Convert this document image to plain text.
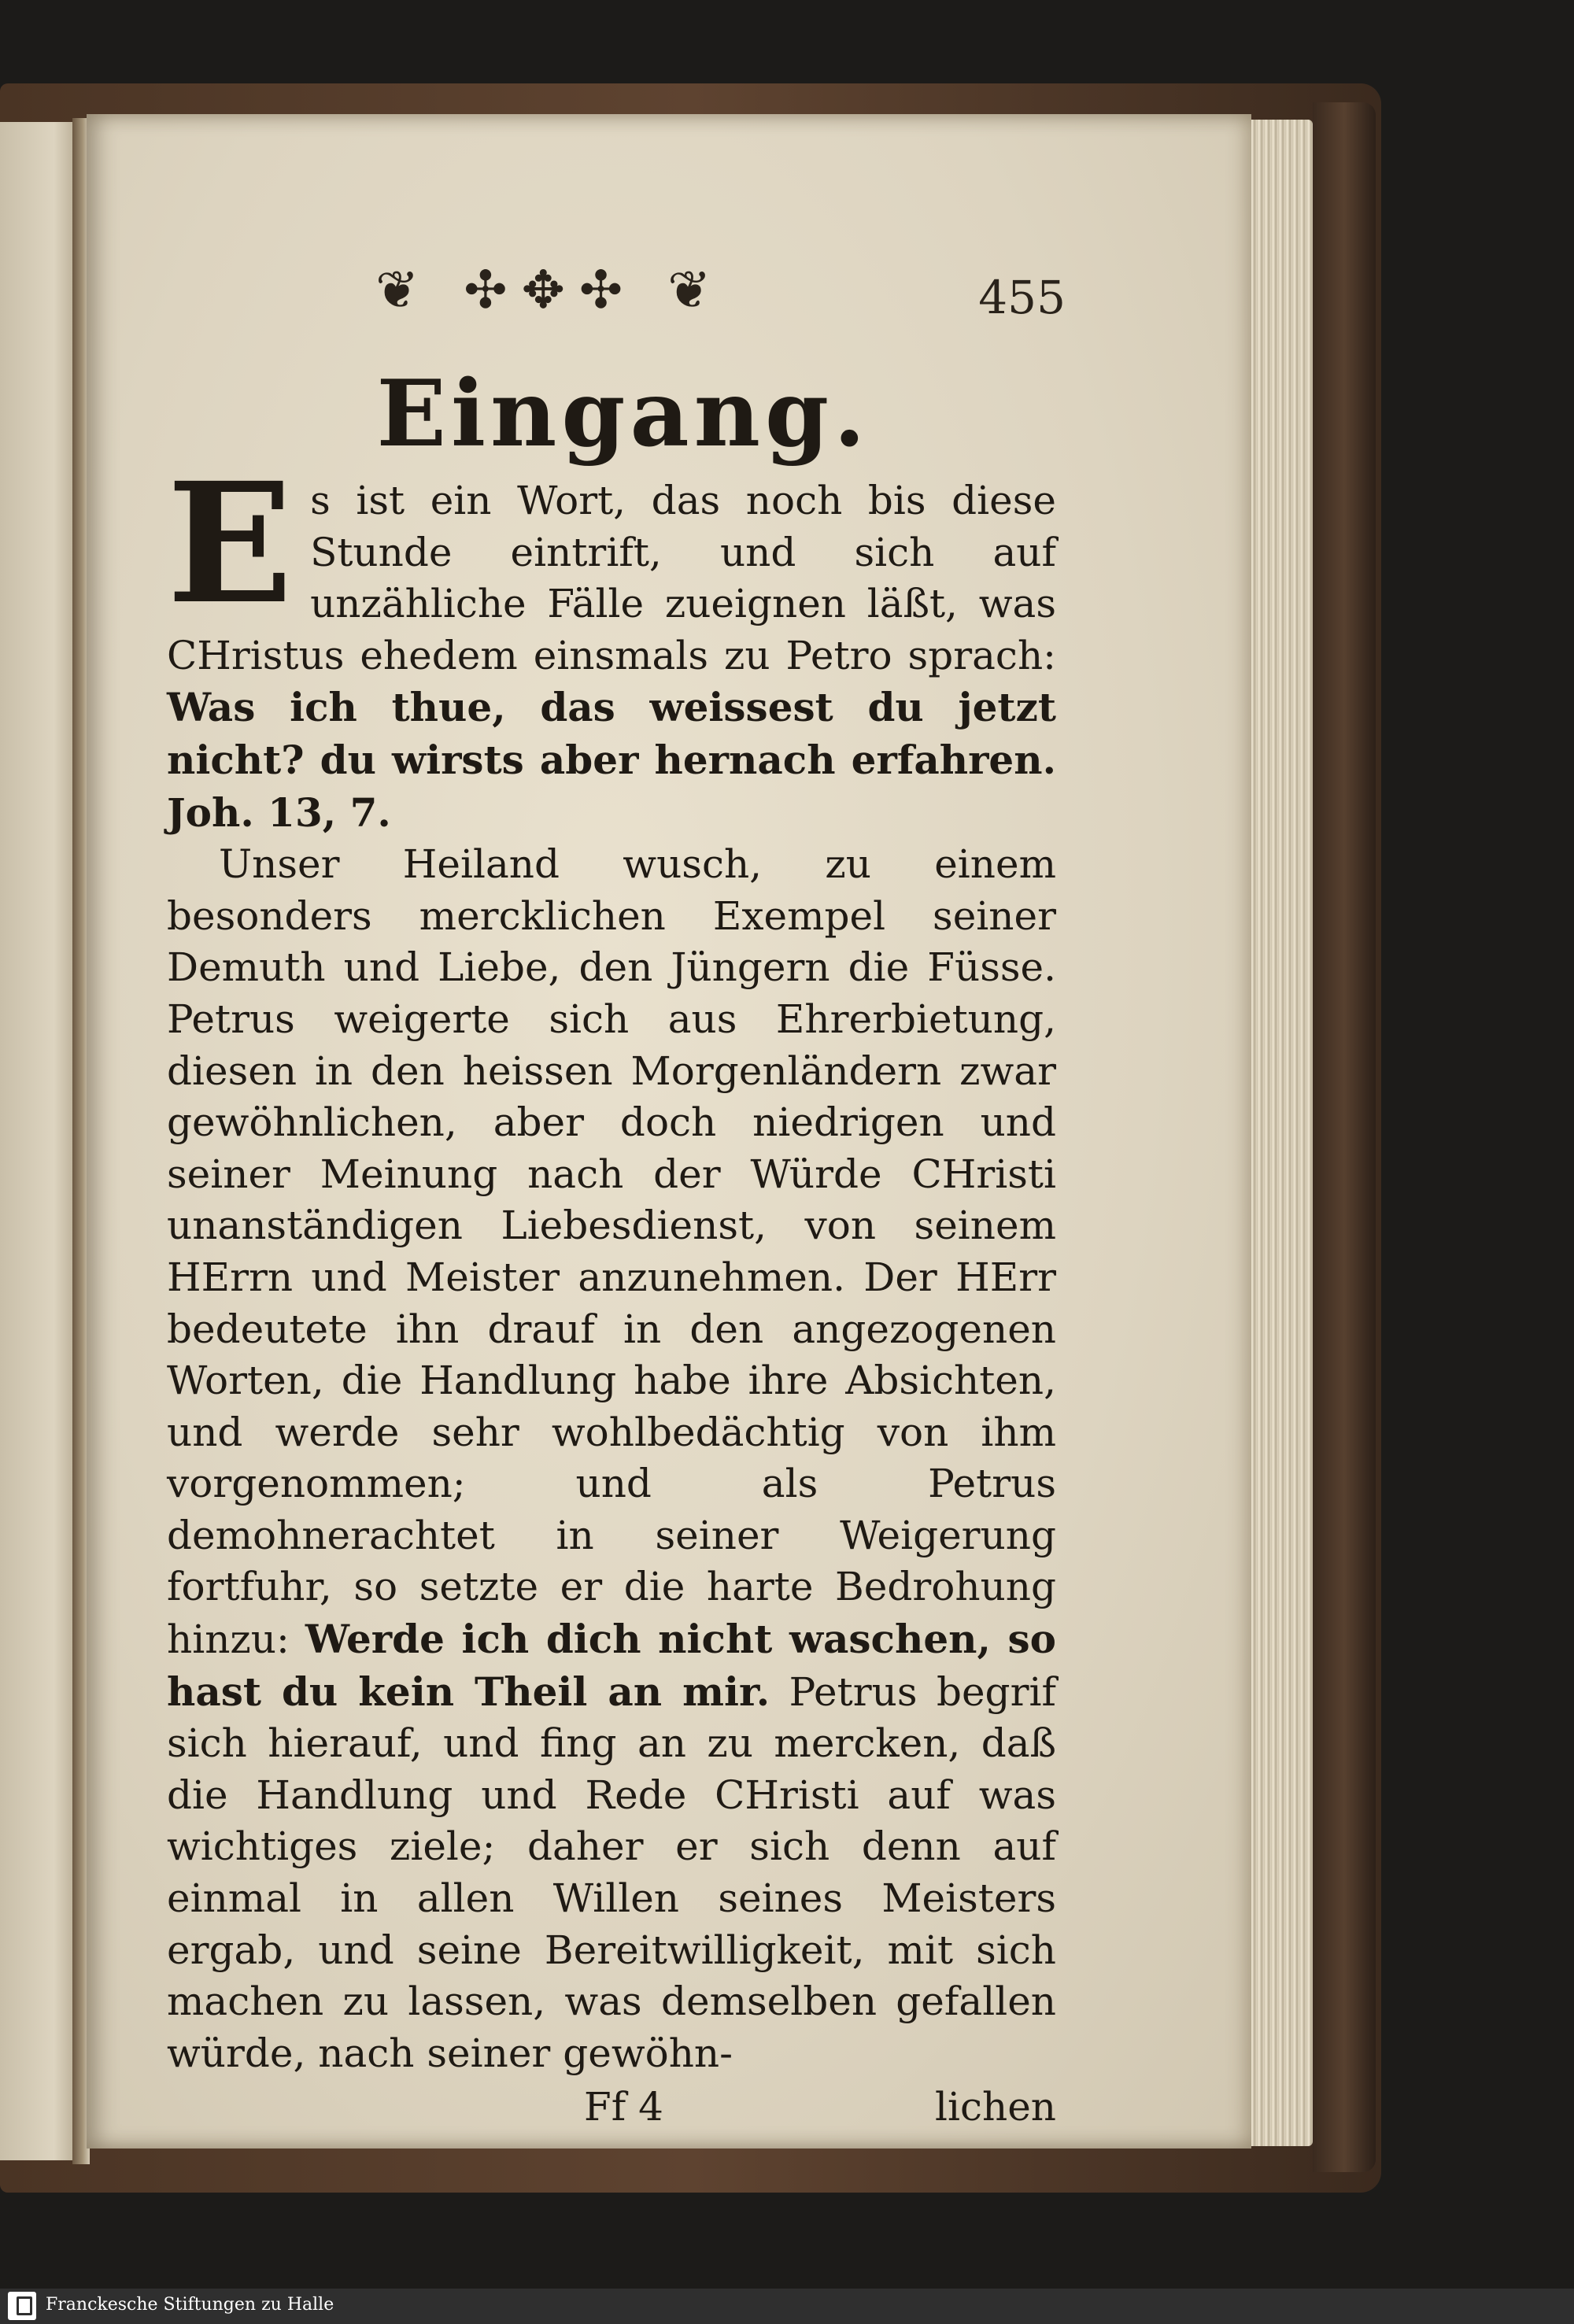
❦ ✣✥✣ ❦	455
Eingang.

Es ist ein Wort, das noch bis diese Stunde eintrift, und sich auf unzähliche Fälle zueignen läßt, was CHristus ehedem einsmals zu Petro sprach: Was ich thue, das weissest du jetzt nicht? du wirsts aber hernach erfahren. Joh. 13, 7.

Unser Heiland wusch, zu einem besonders mercklichen Exempel seiner Demuth und Liebe, den Jüngern die Füsse. Petrus weigerte sich aus Ehrerbietung, diesen in den heissen Morgenländern zwar gewöhnlichen, aber doch niedrigen und seiner Meinung nach der Würde CHristi unanständigen Liebesdienst, von seinem HErrn und Meister anzunehmen. Der HErr bedeutete ihn drauf in den angezogenen Worten, die Handlung habe ihre Absichten, und werde sehr wohlbedächtig von ihm vorgenommen; und als Petrus demohnerachtet in seiner Weigerung fortfuhr, so setzte er die harte Bedrohung hinzu: Werde ich dich nicht waschen, so hast du kein Theil an mir. Petrus begrif sich hierauf, und fing an zu mercken, daß die Handlung und Rede CHristi auf was wichtiges ziele; daher er sich denn auf einmal in allen Willen seines Meisters ergab, und seine Bereitwilligkeit, mit sich machen zu lassen, was demselben gefallen würde, nach seiner gewöhn-

Ff 4	lichen
Franckesche Stiftungen zu Halle
